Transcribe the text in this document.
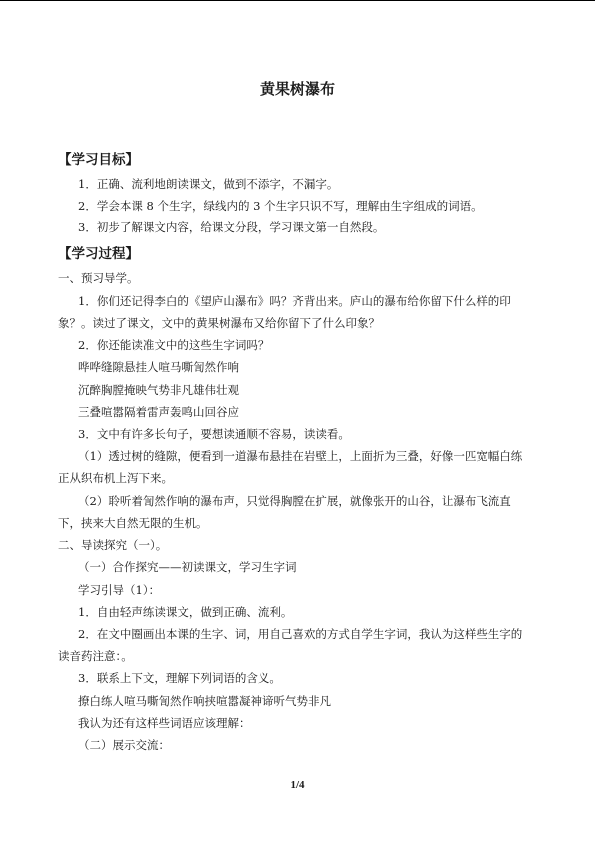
黄果树瀑布
【学习目标】
1．正确、流利地朗读课文，做到不添字，不漏字。
2．学会本课 8 个生字，绿线内的 3 个生字只识不写，理解由生字组成的词语。
3．初步了解课文内容，给课文分段，学习课文第一自然段。
【学习过程】
一、预习导学。
1．你们还记得李白的《望庐山瀑布》吗？齐背出来。庐山的瀑布给你留下什么样的印
象？。读过了课文，文中的黄果树瀑布又给你留下了什么印象？
2．你还能读准文中的这些生字词吗？
哗哗缝隙悬挂人喧马嘶訇然作响
沉醉胸膛掩映气势非凡雄伟壮观
三叠喧嚣隔着雷声轰鸣山回谷应
3．文中有许多长句子，要想读通顺不容易，读读看。
（1）透过树的缝隙，便看到一道瀑布悬挂在岩壁上，上面折为三叠，好像一匹宽幅白练
正从织布机上泻下来。
（2）聆听着訇然作响的瀑布声，只觉得胸膛在扩展，就像张开的山谷，让瀑布飞流直
下，挟来大自然无限的生机。
二、导读探究（一）。
（一）合作探究——初读课文，学习生字词
学习引导（1）：
1．自由轻声练读课文，做到正确、流利。
2．在文中圈画出本课的生字、词，用自己喜欢的方式自学生字词，我认为这样些生字的
读音药注意：。
3．联系上下文，理解下列词语的含义。
撩白练人喧马嘶訇然作响挟喧嚣凝神谛听气势非凡
我认为还有这样些词语应该理解：
（二）展示交流：
1/4
